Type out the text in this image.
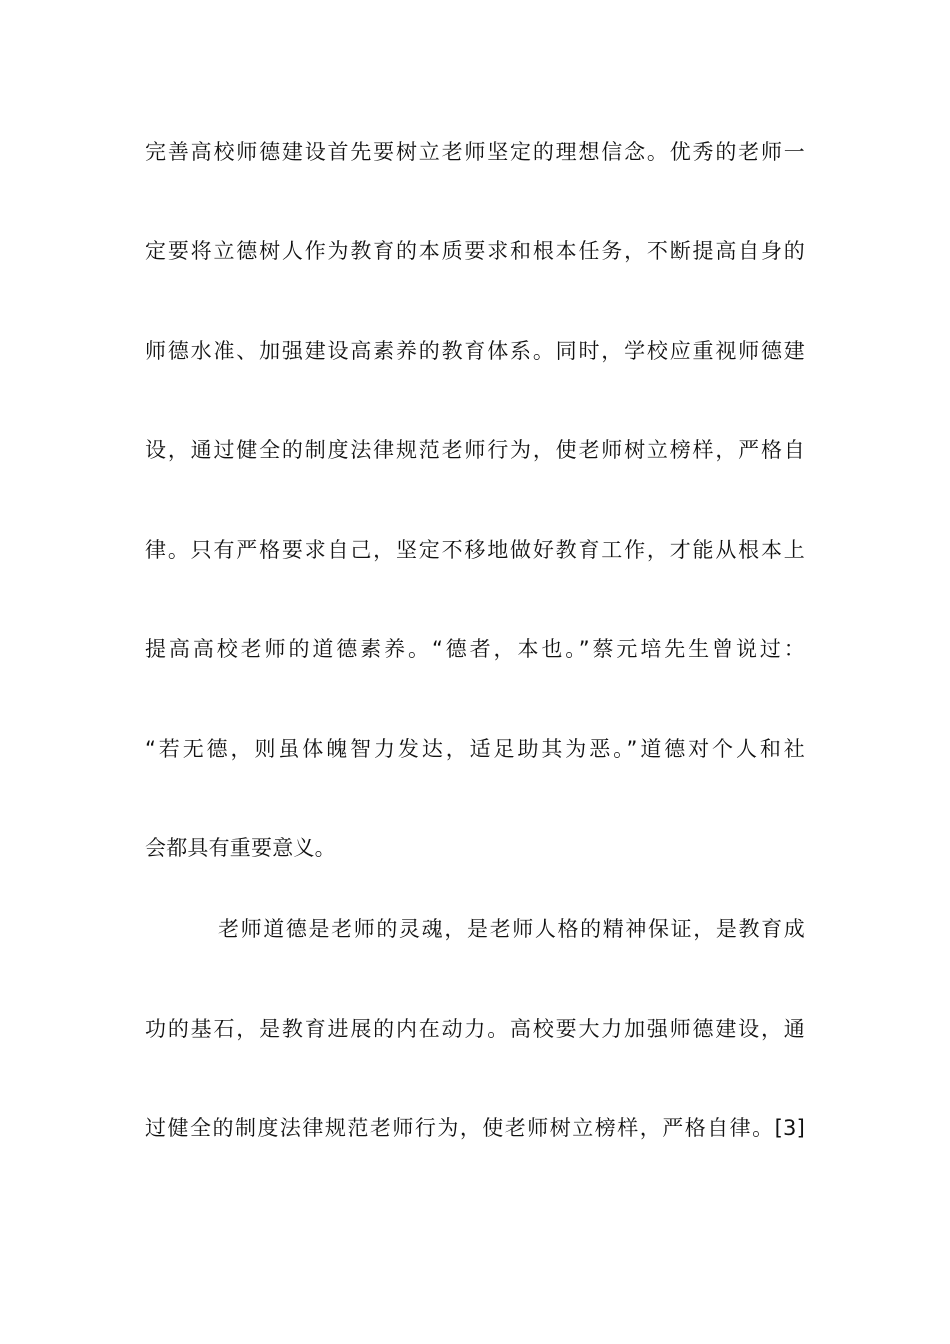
完善高校师德建设首先要树立老师坚定的理想信念。优秀的老师一
定要将立德树人作为教育的本质要求和根本任务，不断提高自身的
师德水准、加强建设高素养的教育体系。同时，学校应重视师德建
设，通过健全的制度法律规范老师行为，使老师树立榜样，严格自
律。只有严格要求自己，坚定不移地做好教育工作，才能从根本上
提高高校老师的道德素养。“德者，本也。”蔡元培先生曾说过：
“若无德，则虽体魄智力发达，适足助其为恶。”道德对个人和社
会都具有重要意义。
老师道德是老师的灵魂，是老师人格的精神保证，是教育成
功的基石，是教育进展的内在动力。高校要大力加强师德建设，通
过健全的制度法律规范老师行为，使老师树立榜样，严格自律。[3]
